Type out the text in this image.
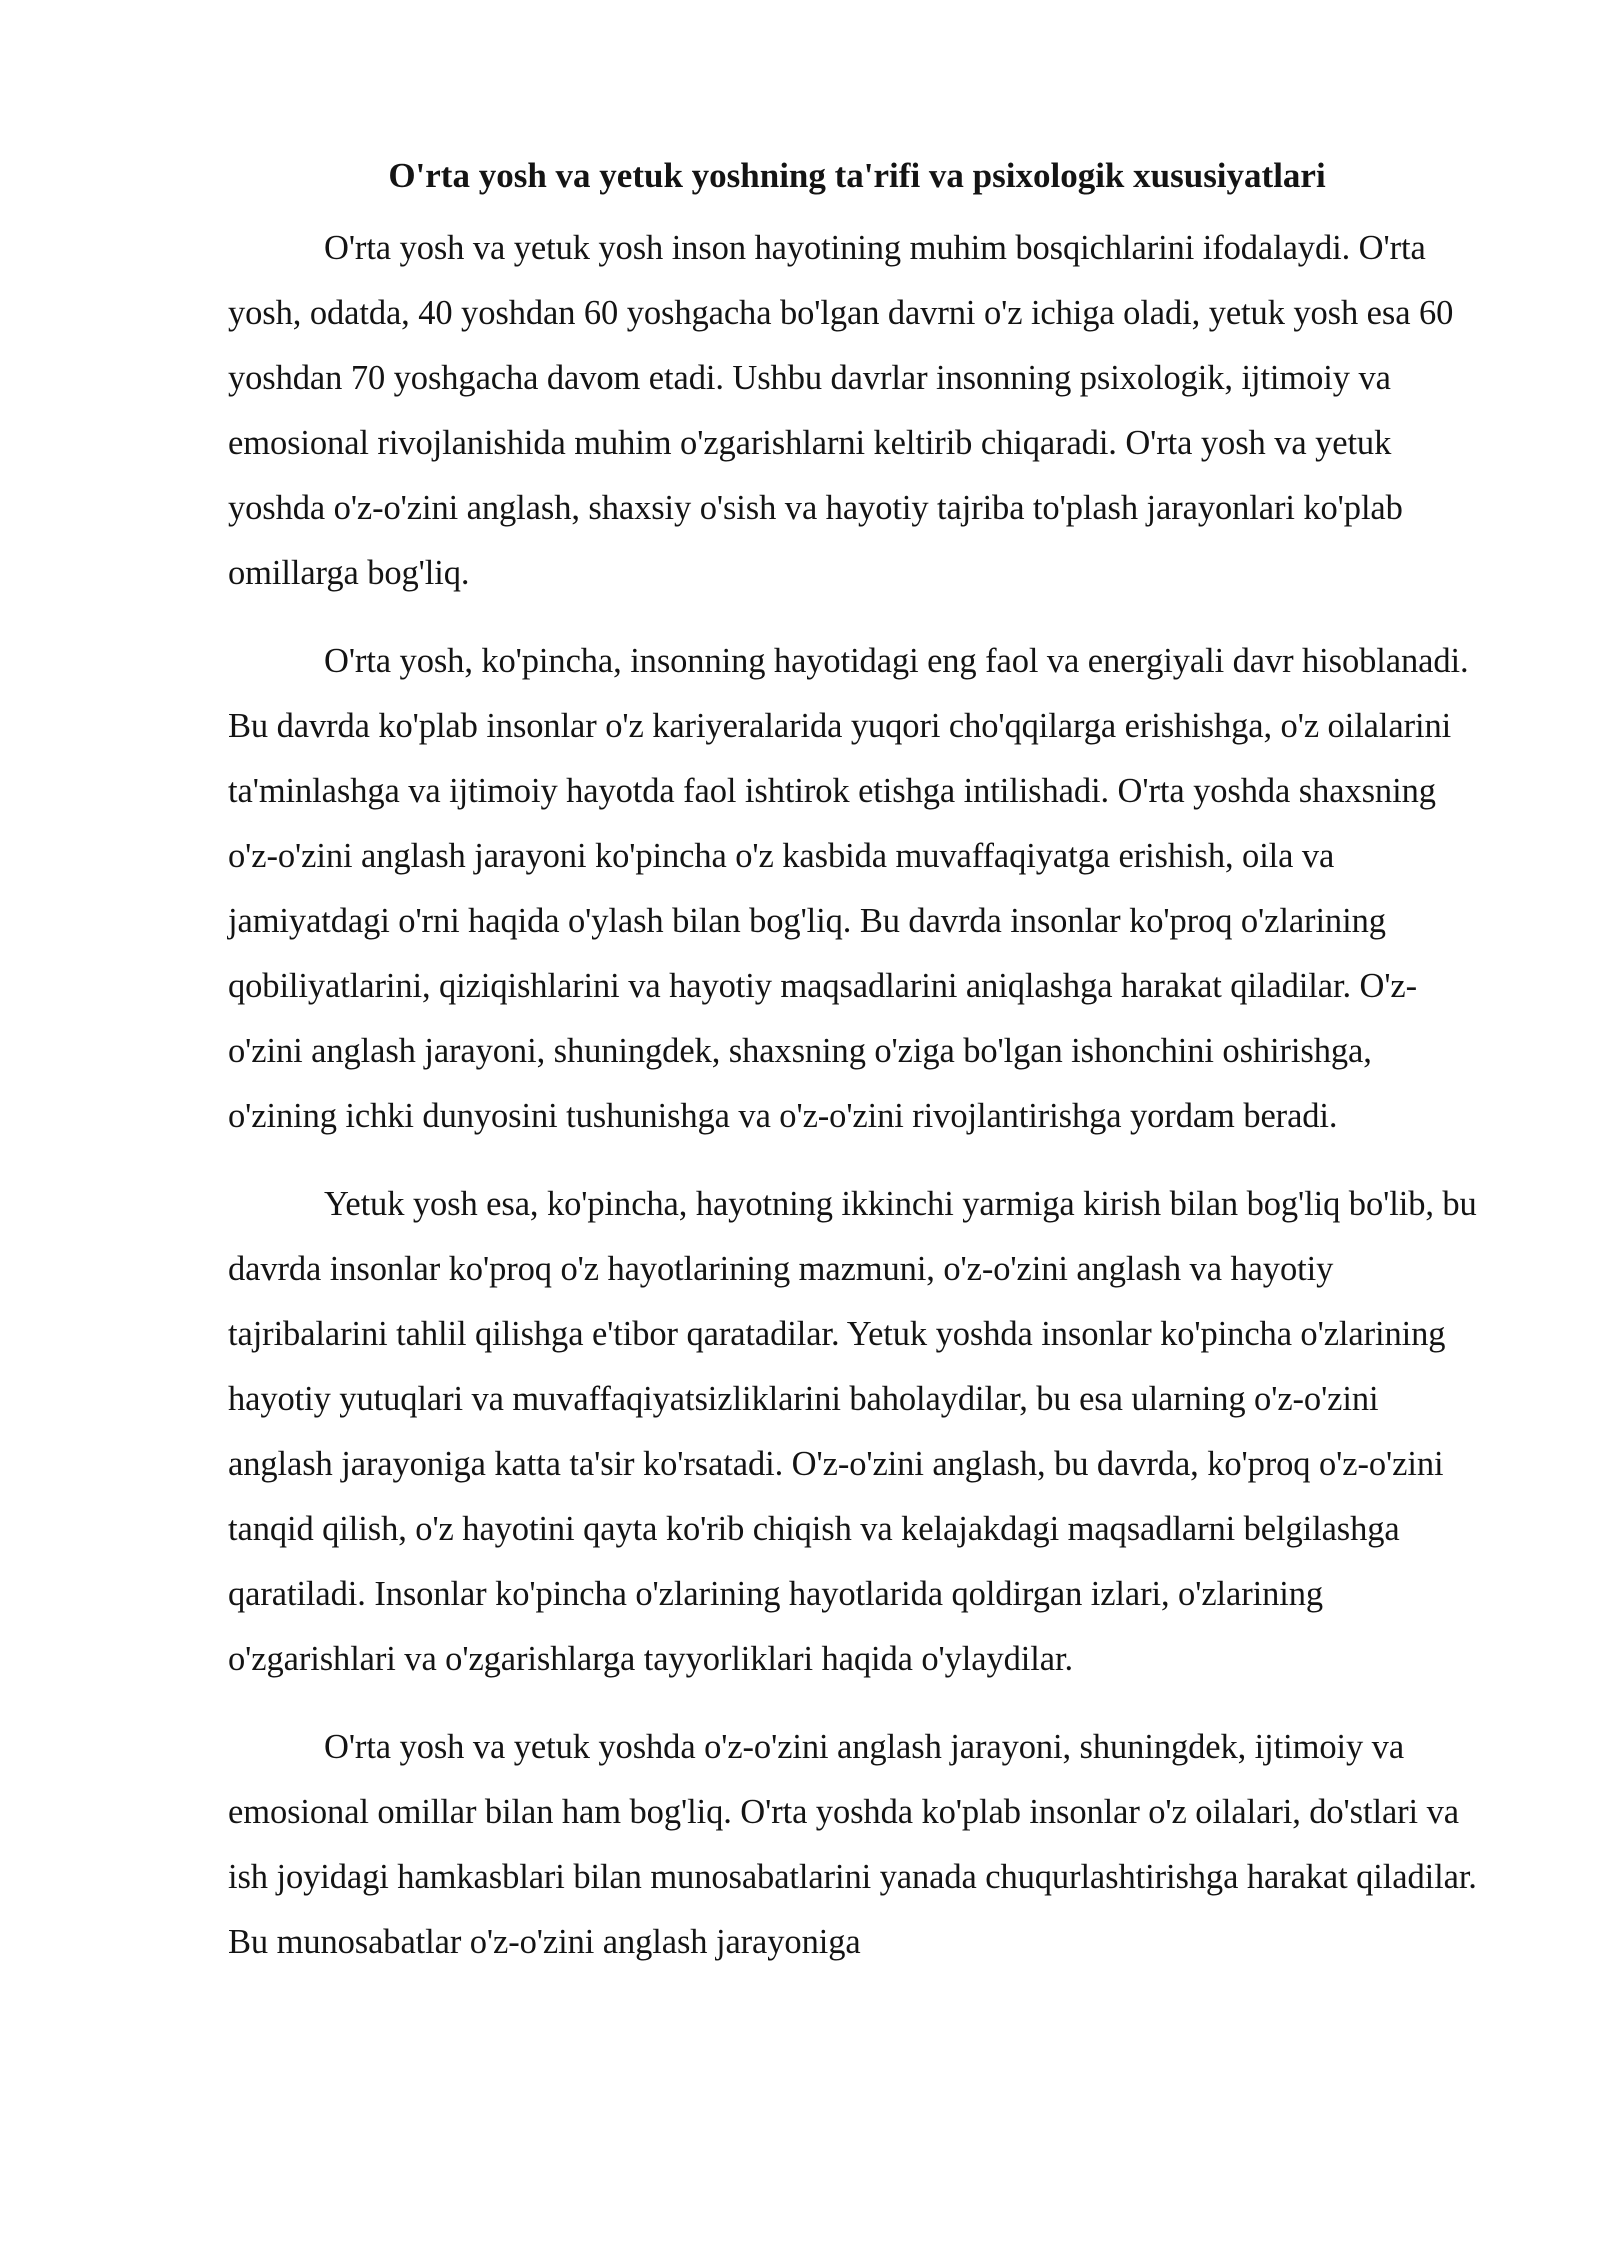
O'rta yosh va yetuk yoshning ta'rifi va psixologik xususiyatlari

O'rta yosh va yetuk yosh inson hayotining muhim bosqichlarini ifodalaydi. O'rta yosh, odatda, 40 yoshdan 60 yoshgacha bo'lgan davrni o'z ichiga oladi, yetuk yosh esa 60 yoshdan 70 yoshgacha davom etadi. Ushbu davrlar insonning psixologik, ijtimoiy va emosional rivojlanishida muhim o'zgarishlarni keltirib chiqaradi. O'rta yosh va yetuk yoshda o'z-o'zini anglash, shaxsiy o'sish va hayotiy tajriba to'plash jarayonlari ko'plab omillarga bog'liq.

O'rta yosh, ko'pincha, insonning hayotidagi eng faol va energiyali davr hisoblanadi. Bu davrda ko'plab insonlar o'z kariyeralarida yuqori cho'qqilarga erishishga, o'z oilalarini ta'minlashga va ijtimoiy hayotda faol ishtirok etishga intilishadi. O'rta yoshda shaxsning o'z-o'zini anglash jarayoni ko'pincha o'z kasbida muvaffaqiyatga erishish, oila va jamiyatdagi o'rni haqida o'ylash bilan bog'liq. Bu davrda insonlar ko'proq o'zlarining qobiliyatlarini, qiziqishlarini va hayotiy maqsadlarini aniqlashga harakat qiladilar. O'z-o'zini anglash jarayoni, shuningdek, shaxsning o'ziga bo'lgan ishonchini oshirishga, o'zining ichki dunyosini tushunishga va o'z-o'zini rivojlantirishga yordam beradi.

Yetuk yosh esa, ko'pincha, hayotning ikkinchi yarmiga kirish bilan bog'liq bo'lib, bu davrda insonlar ko'proq o'z hayotlarining mazmuni, o'z-o'zini anglash va hayotiy tajribalarini tahlil qilishga e'tibor qaratadilar. Yetuk yoshda insonlar ko'pincha o'zlarining hayotiy yutuqlari va muvaffaqiyatsizliklarini baholaydilar, bu esa ularning o'z-o'zini anglash jarayoniga katta ta'sir ko'rsatadi. O'z-o'zini anglash, bu davrda, ko'proq o'z-o'zini tanqid qilish, o'z hayotini qayta ko'rib chiqish va kelajakdagi maqsadlarni belgilashga qaratiladi. Insonlar ko'pincha o'zlarining hayotlarida qoldirgan izlari, o'zlarining o'zgarishlari va o'zgarishlarga tayyorliklari haqida o'ylaydilar.

O'rta yosh va yetuk yoshda o'z-o'zini anglash jarayoni, shuningdek, ijtimoiy va emosional omillar bilan ham bog'liq. O'rta yoshda ko'plab insonlar o'z oilalari, do'stlari va ish joyidagi hamkasblari bilan munosabatlarini yanada chuqurlashtirishga harakat qiladilar. Bu munosabatlar o'z-o'zini anglash jarayoniga
